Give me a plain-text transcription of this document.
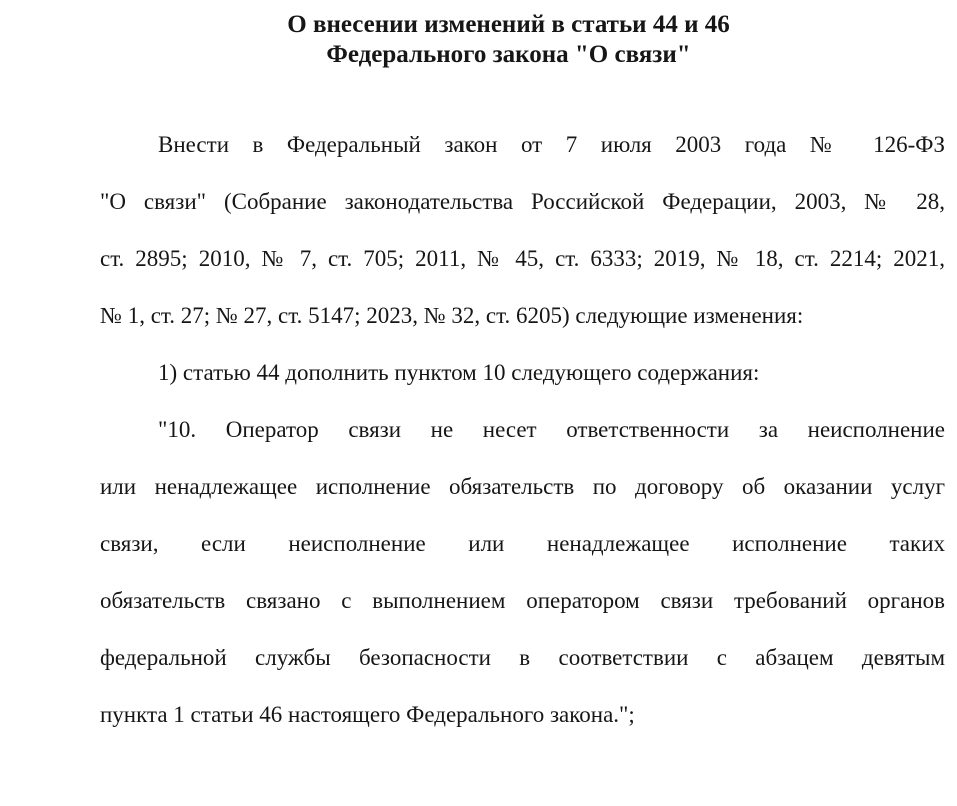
О внесении изменений в статьи 44 и 46
Федерального закона "О связи"
Внести в Федеральный закон от 7 июля 2003 года № 126-ФЗ
"О связи" (Собрание законодательства Российской Федерации, 2003, № 28,
ст. 2895; 2010, № 7, ст. 705; 2011, № 45, ст. 6333; 2019, № 18, ст. 2214; 2021,
№ 1, ст. 27; № 27, ст. 5147; 2023, № 32, ст. 6205) следующие изменения:
1) статью 44 дополнить пунктом 10 следующего содержания:
"10. Оператор связи не несет ответственности за неисполнение
или ненадлежащее исполнение обязательств по договору об оказании услуг
связи, если неисполнение или ненадлежащее исполнение таких
обязательств связано с выполнением оператором связи требований органов
федеральной службы безопасности в соответствии с абзацем девятым
пункта 1 статьи 46 настоящего Федерального закона.";
